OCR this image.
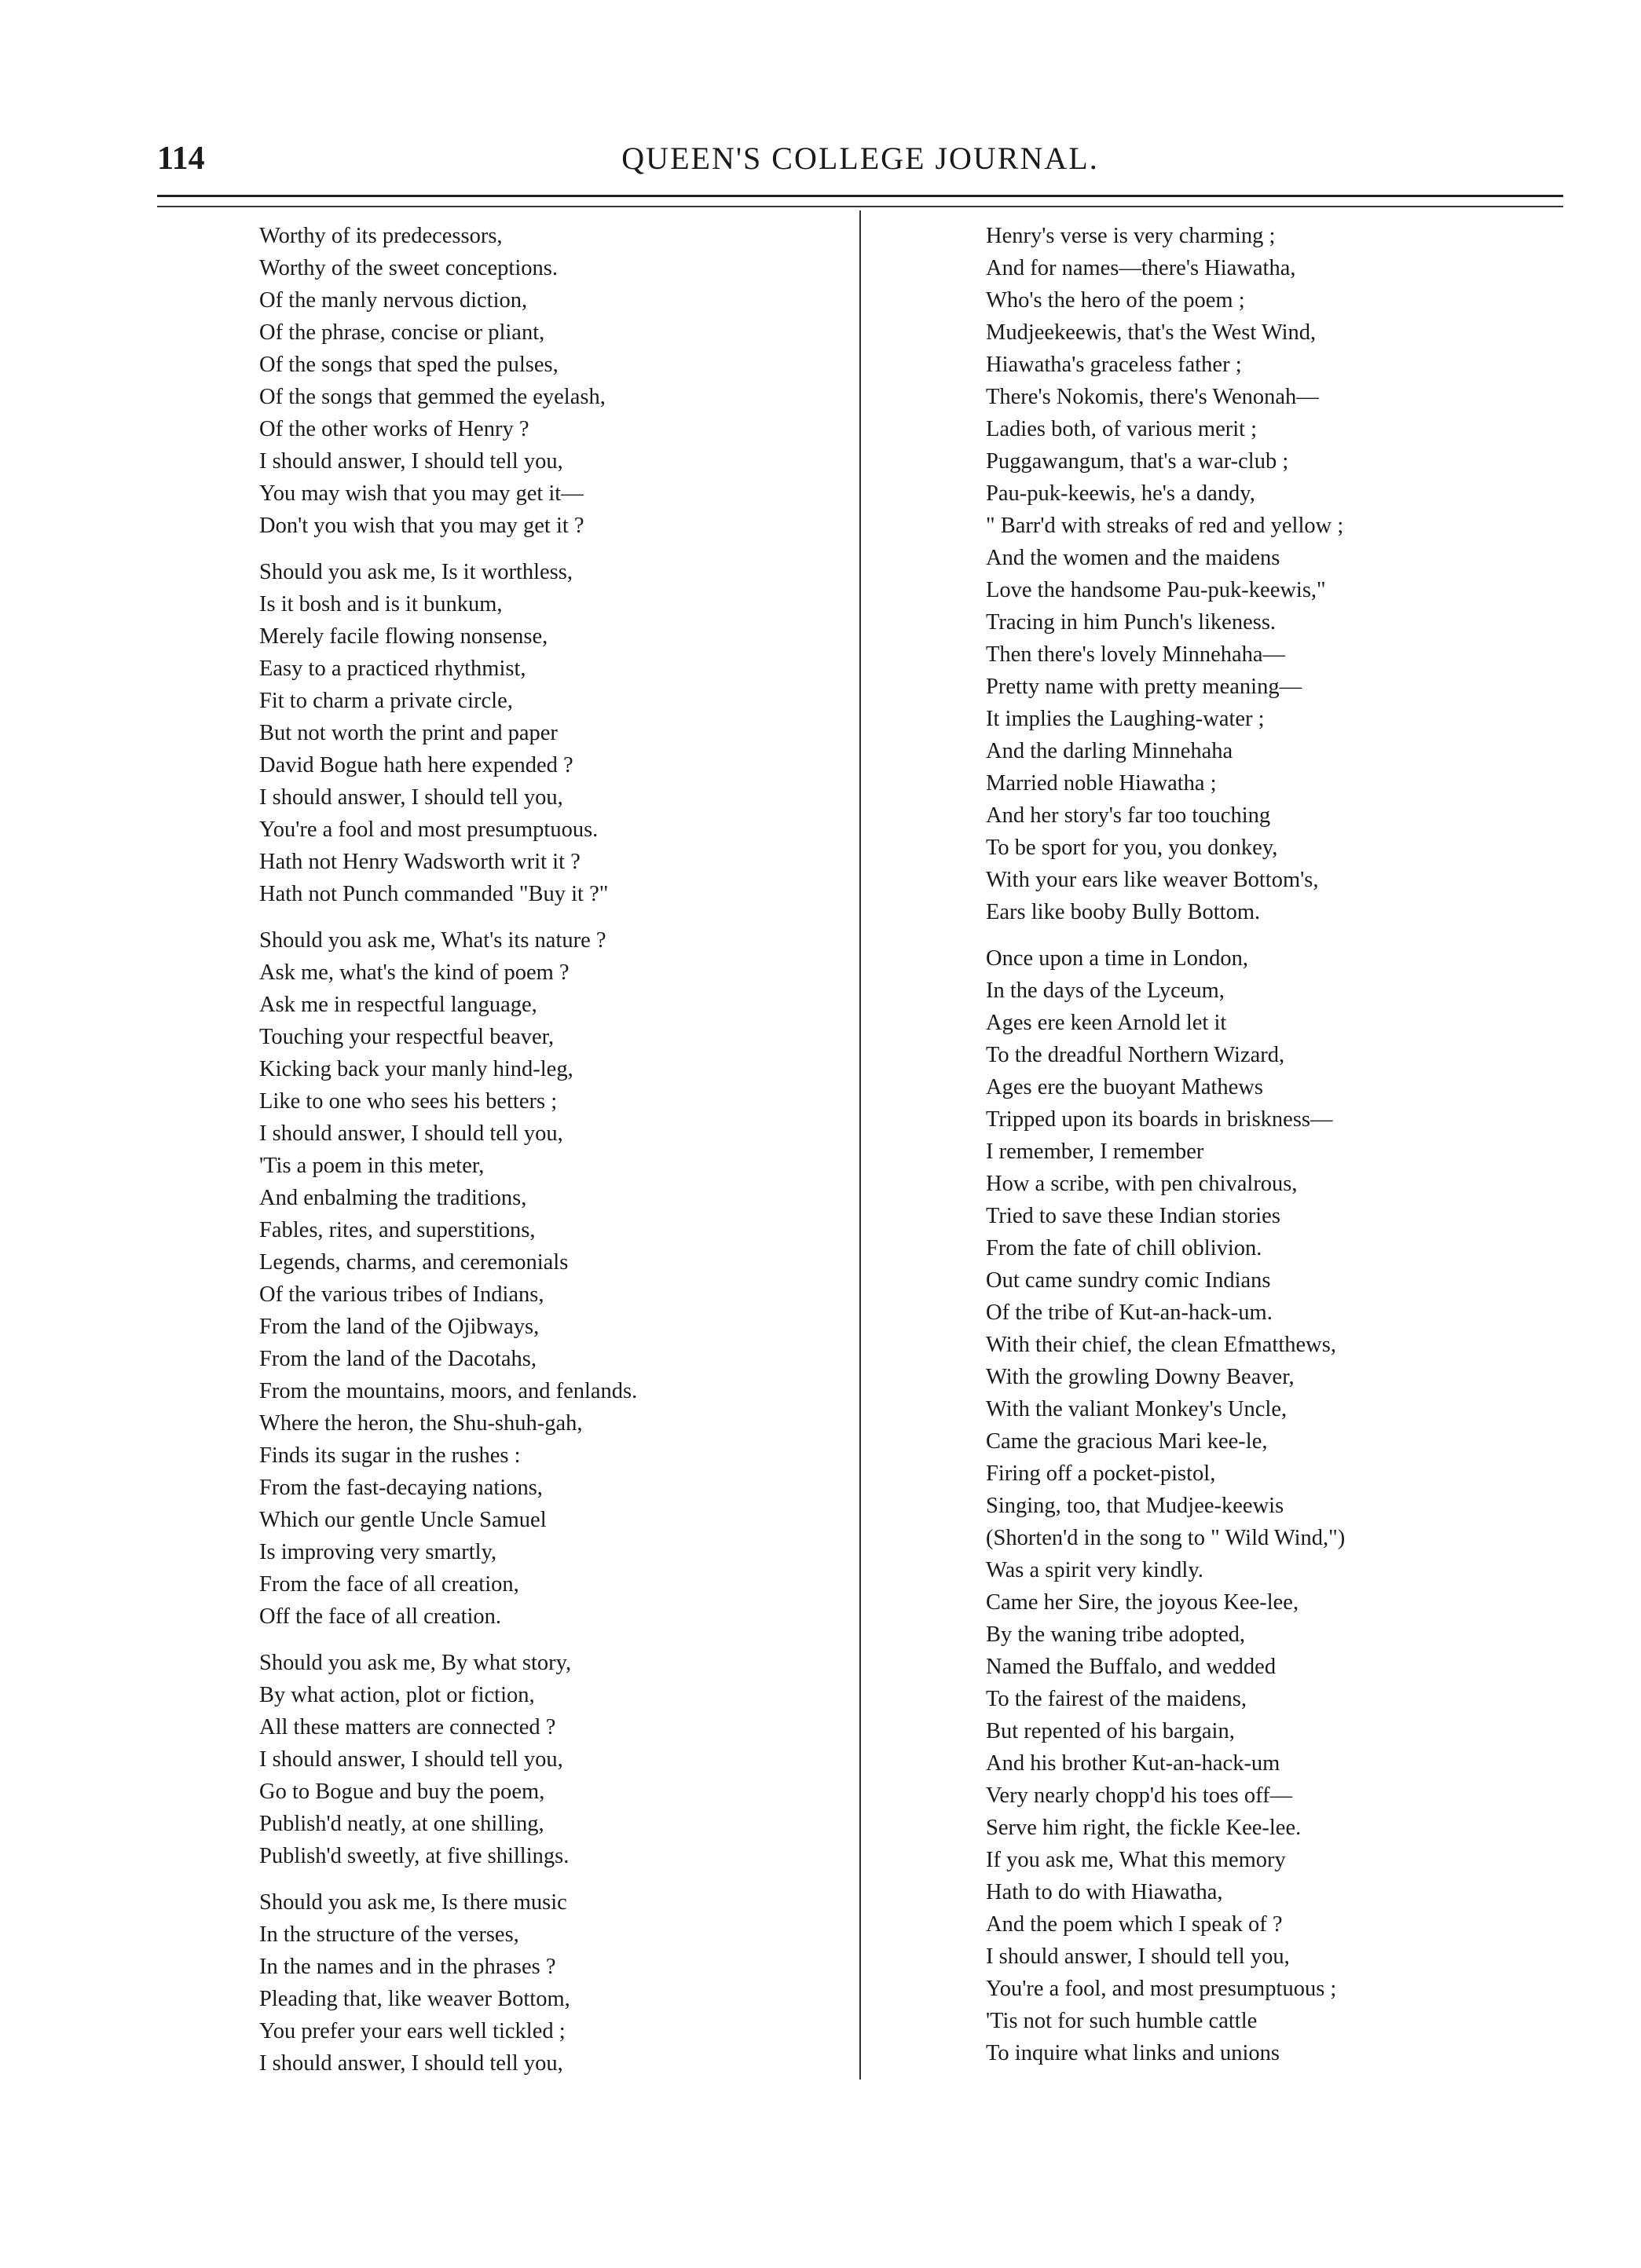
114	QUEEN'S COLLEGE JOURNAL.
Worthy of its predecessors,
Worthy of the sweet conceptions.
Of the manly nervous diction,
Of the phrase, concise or pliant,
Of the songs that sped the pulses,
Of the songs that gemmed the eyelash,
Of the other works of Henry ?
I should answer, I should tell you,
You may wish that you may get it—
Don't you wish that you may get it ?
Should you ask me, Is it worthless,
Is it bosh and is it bunkum,
Merely facile flowing nonsense,
Easy to a practiced rhythmist,
Fit to charm a private circle,
But not worth the print and paper
David Bogue hath here expended ?
I should answer, I should tell you,
You're a fool and most presumptuous.
Hath not Henry Wadsworth writ it ?
Hath not Punch commanded "Buy it ?"
Should you ask me, What's its nature ?
Ask me, what's the kind of poem ?
Ask me in respectful language,
Touching your respectful beaver,
Kicking back your manly hind-leg,
Like to one who sees his betters ;
I should answer, I should tell you,
'Tis a poem in this meter,
And enbalming the traditions,
Fables, rites, and superstitions,
Legends, charms, and ceremonials
Of the various tribes of Indians,
From the land of the Ojibways,
From the land of the Dacotahs,
From the mountains, moors, and fenlands.
Where the heron, the Shu-shuh-gah,
Finds its sugar in the rushes :
From the fast-decaying nations,
Which our gentle Uncle Samuel
Is improving very smartly,
From the face of all creation,
Off the face of all creation.
Should you ask me, By what story,
By what action, plot or fiction,
All these matters are connected ?
I should answer, I should tell you,
Go to Bogue and buy the poem,
Publish'd neatly, at one shilling,
Publish'd sweetly, at five shillings.
Should you ask me, Is there music
In the structure of the verses,
In the names and in the phrases ?
Pleading that, like weaver Bottom,
You prefer your ears well tickled ;
I should answer, I should tell you,
Henry's verse is very charming ;
And for names—there's Hiawatha,
Who's the hero of the poem ;
Mudjeekeewis, that's the West Wind,
Hiawatha's graceless father ;
There's Nokomis, there's Wenonah—
Ladies both, of various merit ;
Puggawangum, that's a war-club ;
Pau-puk-keewis, he's a dandy,
" Barr'd with streaks of red and yellow ;
And the women and the maidens
Love the handsome Pau-puk-keewis,"
Tracing in him Punch's likeness.
Then there's lovely Minnehaha—
Pretty name with pretty meaning—
It implies the Laughing-water ;
And the darling Minnehaha
Married noble Hiawatha ;
And her story's far too touching
To be sport for you, you donkey,
With your ears like weaver Bottom's,
Ears like booby Bully Bottom.
Once upon a time in London,
In the days of the Lyceum,
Ages ere keen Arnold let it
To the dreadful Northern Wizard,
Ages ere the buoyant Mathews
Tripped upon its boards in briskness—
I remember, I remember
How a scribe, with pen chivalrous,
Tried to save these Indian stories
From the fate of chill oblivion.
Out came sundry comic Indians
Of the tribe of Kut-an-hack-um.
With their chief, the clean Efmatthews,
With the growling Downy Beaver,
With the valiant Monkey's Uncle,
Came the gracious Mari kee-le,
Firing off a pocket-pistol,
Singing, too, that Mudjee-keewis
(Shorten'd in the song to " Wild Wind,")
Was a spirit very kindly.
Came her Sire, the joyous Kee-lee,
By the waning tribe adopted,
Named the Buffalo, and wedded
To the fairest of the maidens,
But repented of his bargain,
And his brother Kut-an-hack-um
Very nearly chopp'd his toes off—
Serve him right, the fickle Kee-lee.
If you ask me, What this memory
Hath to do with Hiawatha,
And the poem which I speak of ?
I should answer, I should tell you,
You're a fool, and most presumptuous ;
'Tis not for such humble cattle
To inquire what links and unions
